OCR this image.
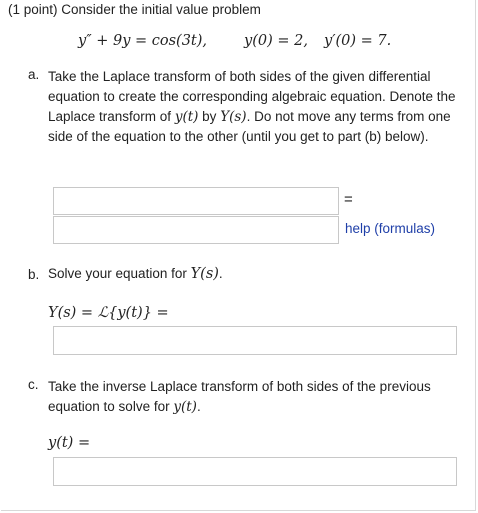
(1 point) Consider the initial value problem
y″ + 9y = cos(3t),	y(0) = 2, y′(0) = 7.
a. Take the Laplace transform of both sides of the given differential equation to create the corresponding algebraic equation. Denote the Laplace transform of y(t) by Y(s). Do not move any terms from one side of the equation to the other (until you get to part (b) below).
=
help (formulas)
b. Solve your equation for Y(s).
Y(s) = ℒ{y(t)} =
c. Take the inverse Laplace transform of both sides of the previous equation to solve for y(t).
y(t) =
